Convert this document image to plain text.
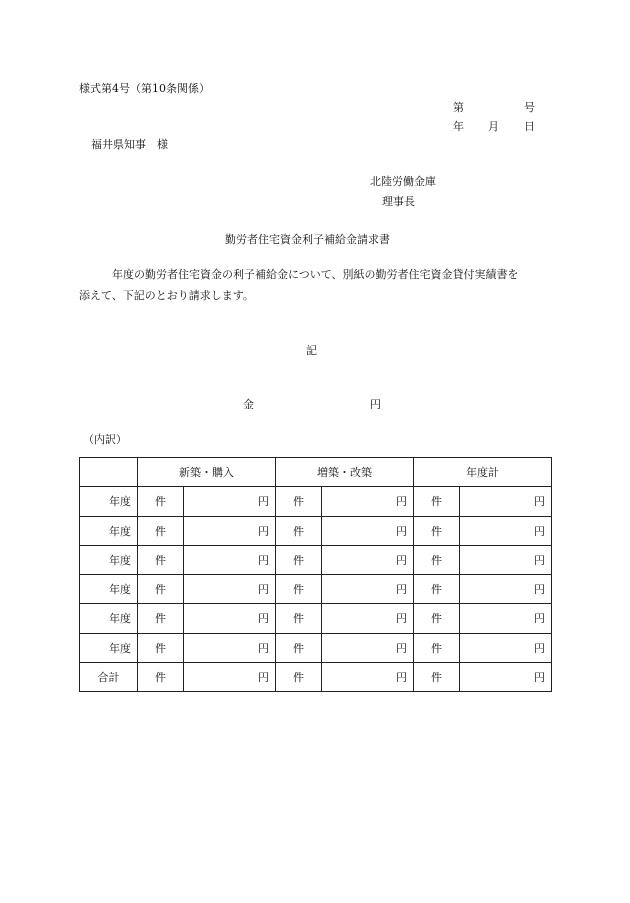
様式第4号（第10条関係）
第	号
年 月 日
福井県知事　様
北陸労働金庫
理事長
勤労者住宅資金利子補給金請求書
年度の勤労者住宅資金の利子補給金について、別紙の勤労者住宅資金貸付実績書を
添えて、下記のとおり請求します。
記
金	円
（内訳）
	新築・購入		増築・改築		年度計	
年度	件	円	件	円	件	円
年度	件	円	件	円	件	円
年度	件	円	件	円	件	円
年度	件	円	件	円	件	円
年度	件	円	件	円	件	円
年度	件	円	件	円	件	円
合計	件	円	件	円	件	円
